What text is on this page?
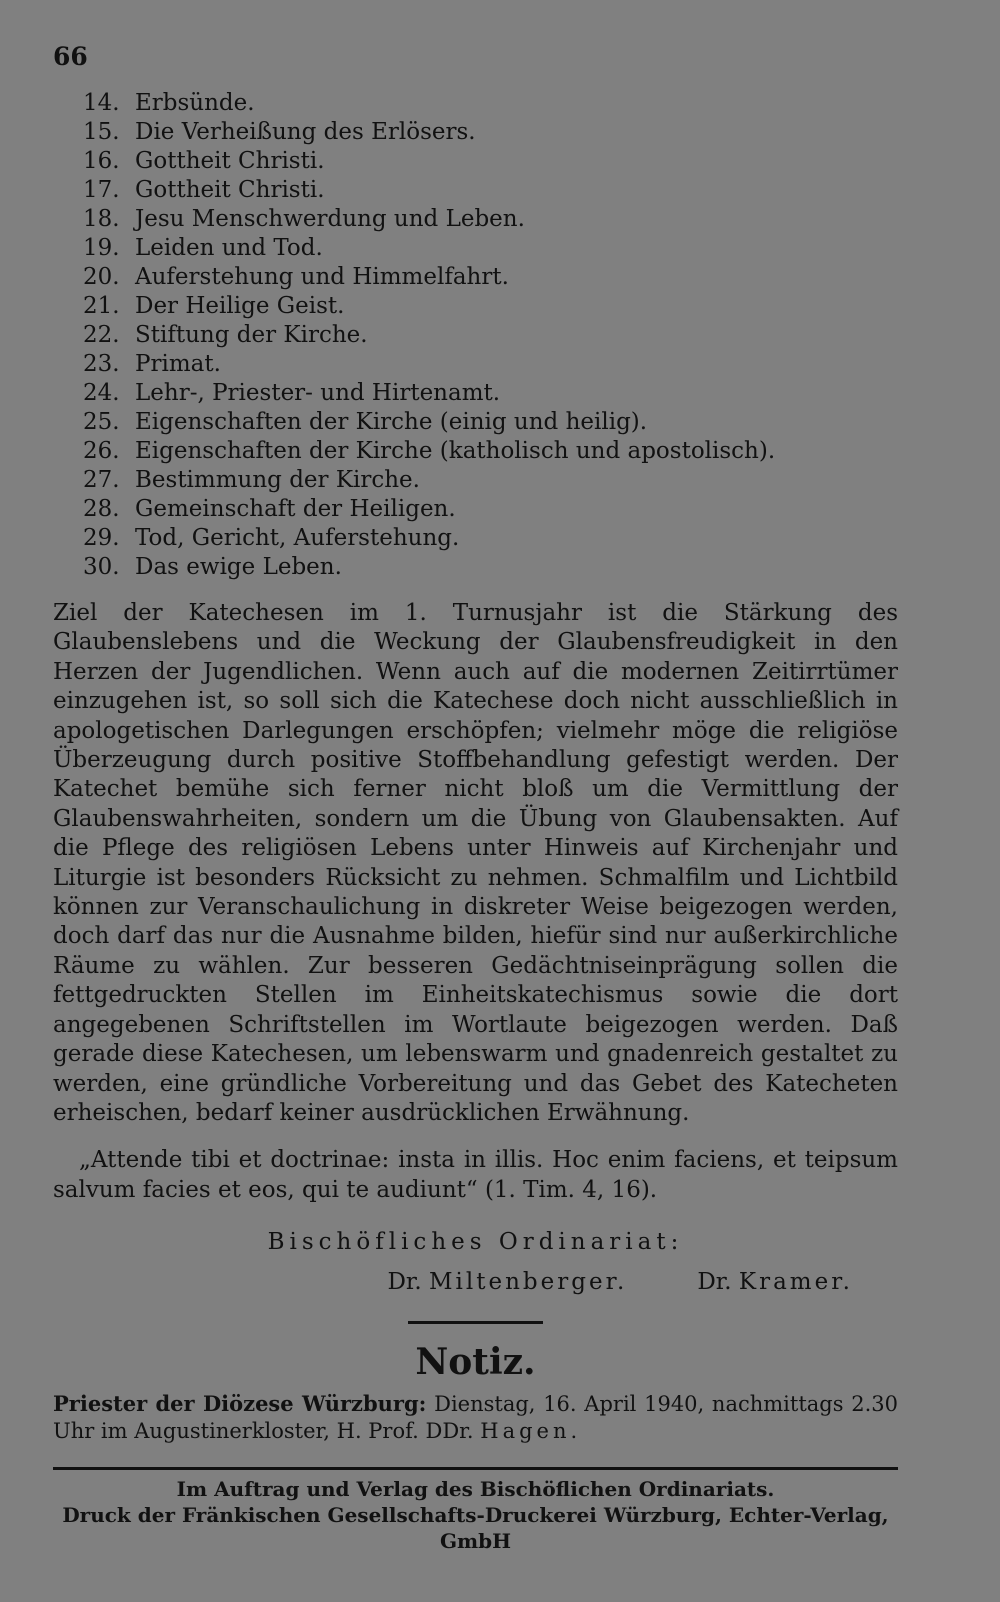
66
14. Erbsünde.
15. Die Verheißung des Erlösers.
16. Gottheit Christi.
17. Gottheit Christi.
18. Jesu Menschwerdung und Leben.
19. Leiden und Tod.
20. Auferstehung und Himmelfahrt.
21. Der Heilige Geist.
22. Stiftung der Kirche.
23. Primat.
24. Lehr-, Priester- und Hirtenamt.
25. Eigenschaften der Kirche (einig und heilig).
26. Eigenschaften der Kirche (katholisch und apostolisch).
27. Bestimmung der Kirche.
28. Gemeinschaft der Heiligen.
29. Tod, Gericht, Auferstehung.
30. Das ewige Leben.

Ziel der Katechesen im 1. Turnusjahr ist die Stärkung des Glaubenslebens und die Weckung der Glaubensfreudigkeit in den Herzen der Jugendlichen. Wenn auch auf die modernen Zeitirrtümer einzugehen ist, so soll sich die Katechese doch nicht ausschließlich in apologetischen Darlegungen erschöpfen; vielmehr möge die religiöse Überzeugung durch positive Stoffbehandlung gefestigt werden. Der Katechet bemühe sich ferner nicht bloß um die Vermittlung der Glaubenswahrheiten, sondern um die Übung von Glaubensakten. Auf die Pflege des religiösen Lebens unter Hinweis auf Kirchenjahr und Liturgie ist besonders Rücksicht zu nehmen. Schmalfilm und Lichtbild können zur Veranschaulichung in diskreter Weise beigezogen werden, doch darf das nur die Ausnahme bilden, hiefür sind nur außerkirchliche Räume zu wählen. Zur besseren Gedächtniseinprägung sollen die fettgedruckten Stellen im Einheitskatechismus sowie die dort angegebenen Schriftstellen im Wortlaute beigezogen werden. Daß gerade diese Katechesen, um lebenswarm und gnadenreich gestaltet zu werden, eine gründliche Vorbereitung und das Gebet des Katecheten erheischen, bedarf keiner ausdrücklichen Erwähnung.

„Attende tibi et doctrinae: insta in illis. Hoc enim faciens, et teipsum salvum facies et eos, qui te audiunt“ (1. Tim. 4, 16).

Bischöfliches Ordinariat:
Dr. Miltenberger.	Dr. Kramer.
Notiz.

Priester der Diözese Würzburg: Dienstag, 16. April 1940, nachmittags 2.30 Uhr im Augustinerkloster, H. Prof. DDr. Hagen.

Im Auftrag und Verlag des Bischöflichen Ordinariats.
Druck der Fränkischen Gesellschafts-Druckerei Würzburg, Echter-Verlag, GmbH
